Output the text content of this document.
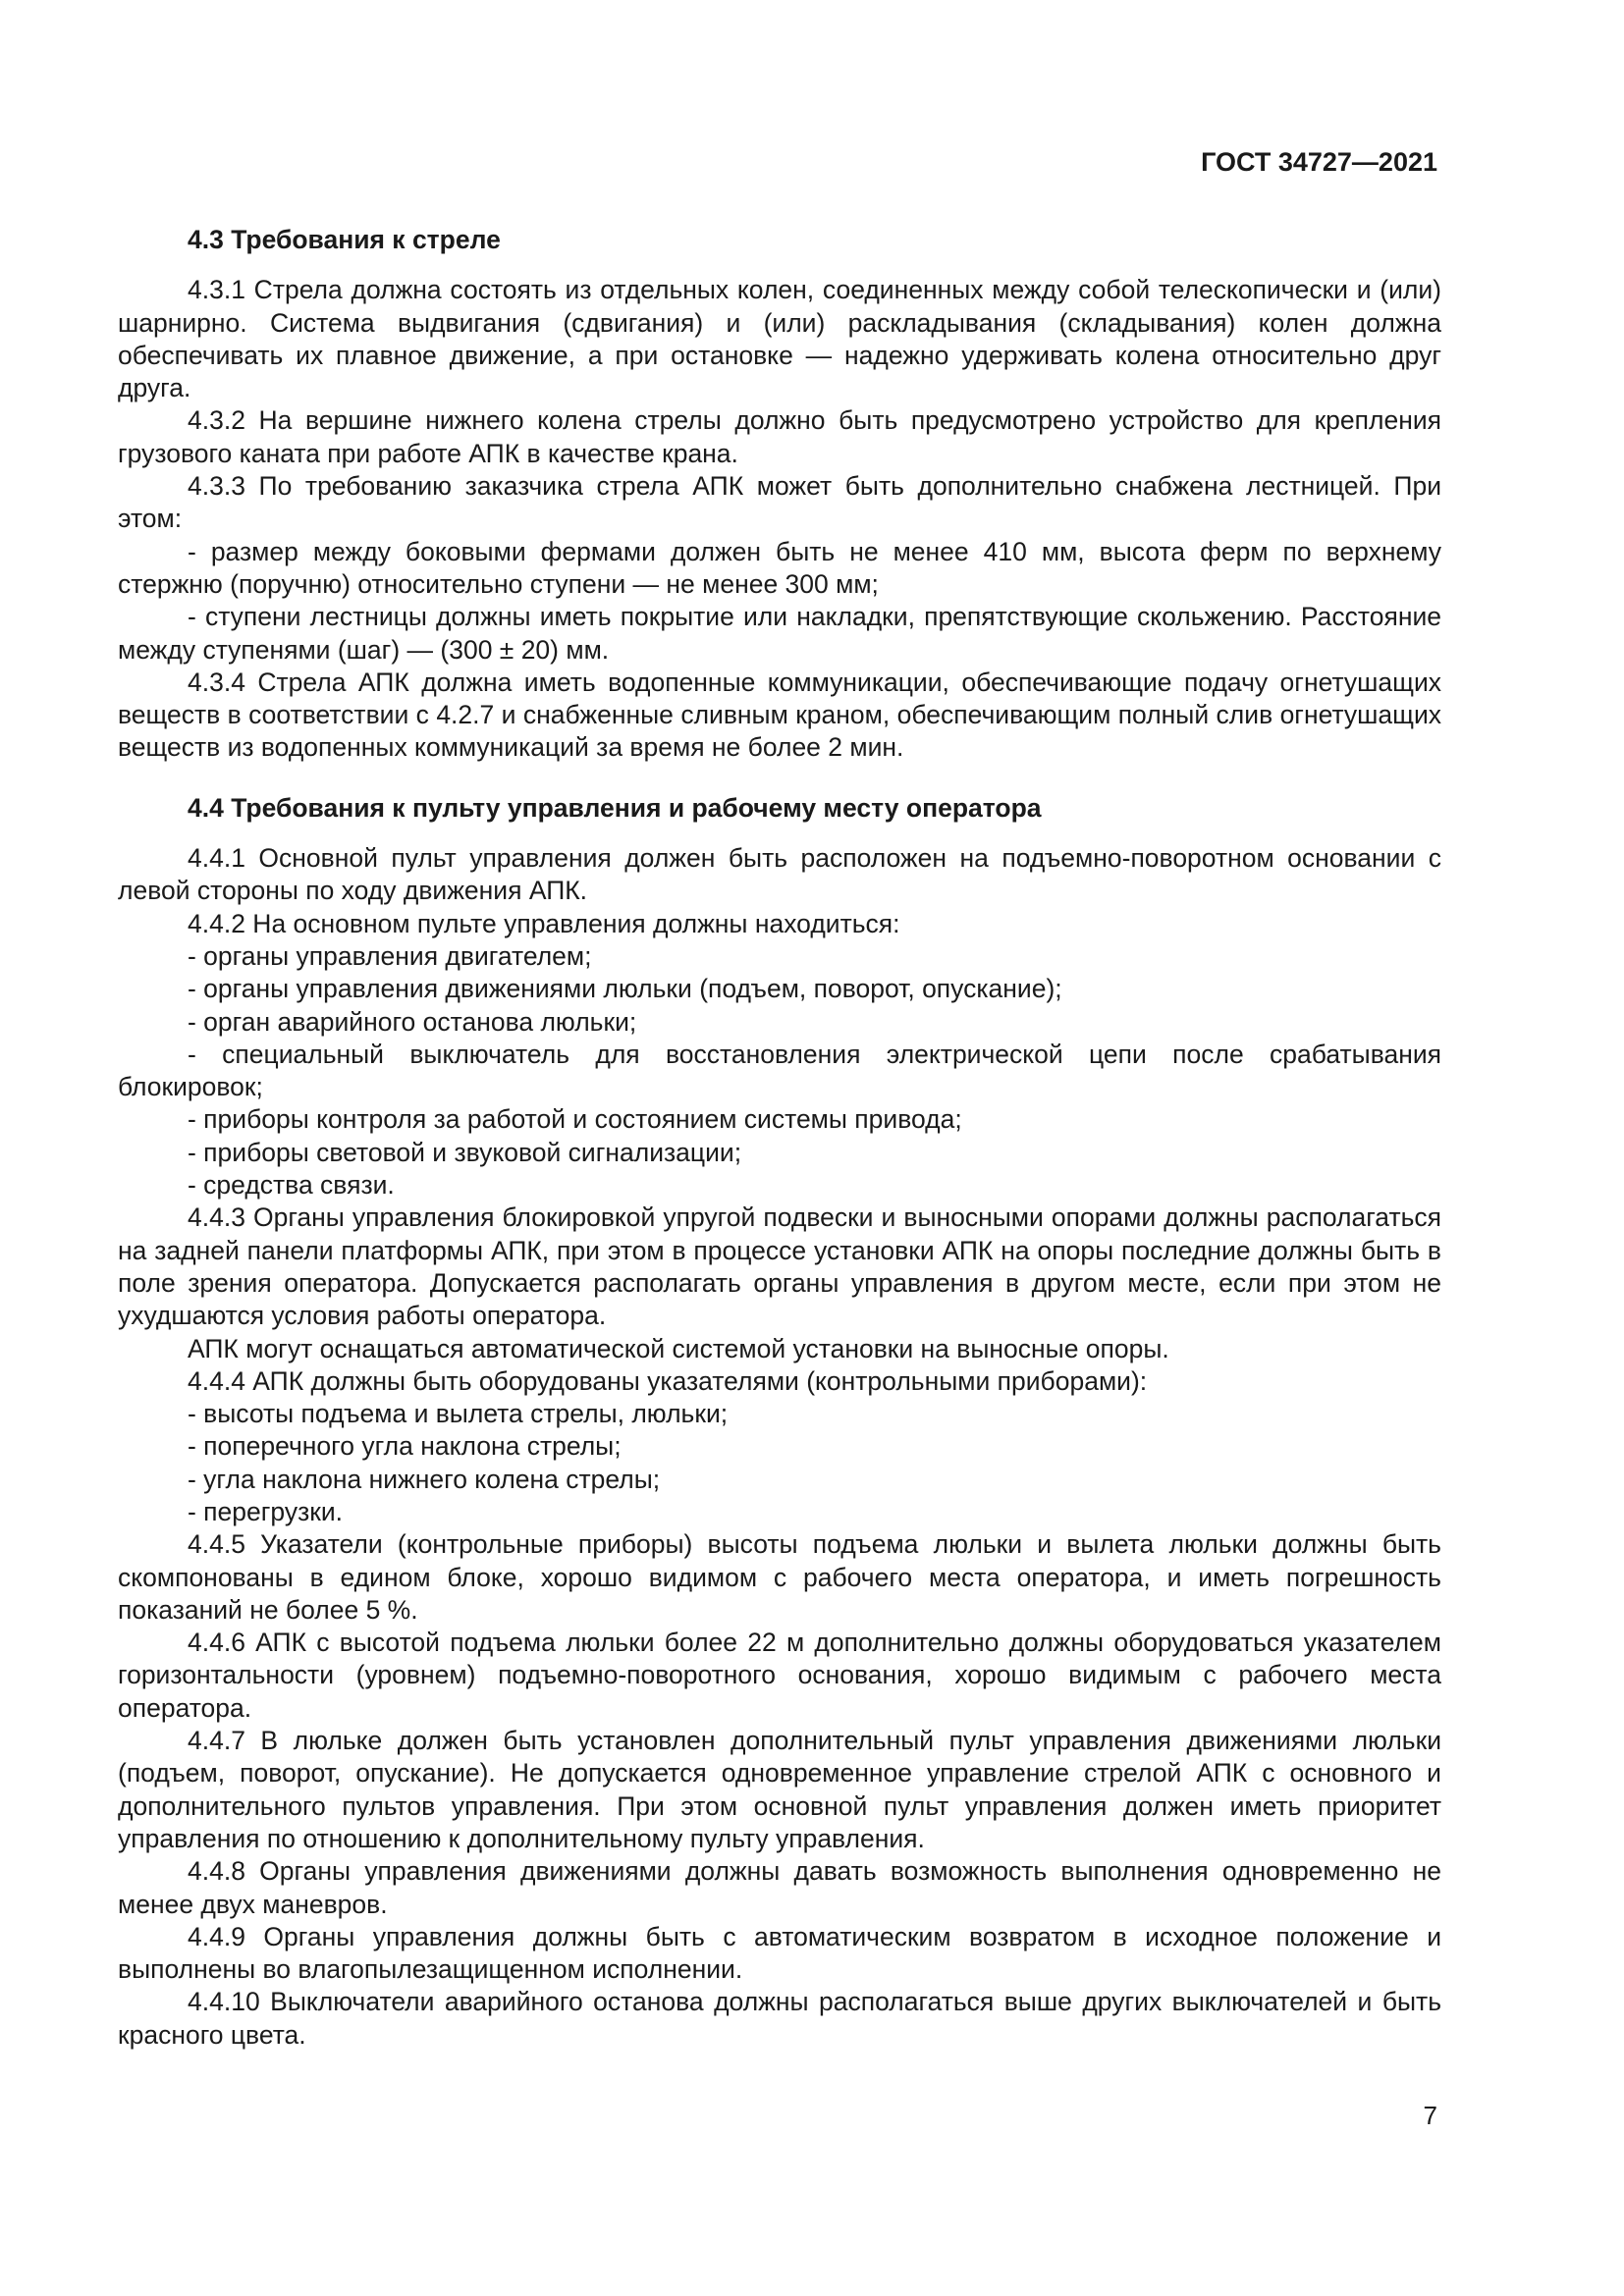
ГОСТ 34727—2021
4.3 Требования к стреле

4.3.1 Стрела должна состоять из отдельных колен, соединенных между собой телескопически и (или) шарнирно. Система выдвигания (сдвигания) и (или) раскладывания (складывания) колен должна обеспечивать их плавное движение, а при остановке — надежно удерживать колена относительно друг друга.

4.3.2 На вершине нижнего колена стрелы должно быть предусмотрено устройство для крепления грузового каната при работе АПК в качестве крана.

4.3.3 По требованию заказчика стрела АПК может быть дополнительно снабжена лестницей. При этом:

- размер между боковыми фермами должен быть не менее 410 мм, высота ферм по верхнему стержню (поручню) относительно ступени — не менее 300 мм;

- ступени лестницы должны иметь покрытие или накладки, препятствующие скольжению. Расстояние между ступенями (шаг) — (300 ± 20) мм.

4.3.4 Стрела АПК должна иметь водопенные коммуникации, обеспечивающие подачу огнетушащих веществ в соответствии с 4.2.7 и снабженные сливным краном, обеспечивающим полный слив огнетушащих веществ из водопенных коммуникаций за время не более 2 мин.

4.4 Требования к пульту управления и рабочему месту оператора

4.4.1 Основной пульт управления должен быть расположен на подъемно-поворотном основании с левой стороны по ходу движения АПК.

4.4.2 На основном пульте управления должны находиться:

- органы управления двигателем;

- органы управления движениями люльки (подъем, поворот, опускание);

- орган аварийного останова люльки;

- специальный выключатель для восстановления электрической цепи после срабатывания блокировок;

- приборы контроля за работой и состоянием системы привода;

- приборы световой и звуковой сигнализации;

- средства связи.

4.4.3 Органы управления блокировкой упругой подвески и выносными опорами должны располагаться на задней панели платформы АПК, при этом в процессе установки АПК на опоры последние должны быть в поле зрения оператора. Допускается располагать органы управления в другом месте, если при этом не ухудшаются условия работы оператора.

АПК могут оснащаться автоматической системой установки на выносные опоры.

4.4.4 АПК должны быть оборудованы указателями (контрольными приборами):

- высоты подъема и вылета стрелы, люльки;

- поперечного угла наклона стрелы;

- угла наклона нижнего колена стрелы;

- перегрузки.

4.4.5 Указатели (контрольные приборы) высоты подъема люльки и вылета люльки должны быть скомпонованы в едином блоке, хорошо видимом с рабочего места оператора, и иметь погрешность показаний не более 5 %.

4.4.6 АПК с высотой подъема люльки более 22 м дополнительно должны оборудоваться указателем горизонтальности (уровнем) подъемно-поворотного основания, хорошо видимым с рабочего места оператора.

4.4.7 В люльке должен быть установлен дополнительный пульт управления движениями люльки (подъем, поворот, опускание). Не допускается одновременное управление стрелой АПК с основного и дополнительного пультов управления. При этом основной пульт управления должен иметь приоритет управления по отношению к дополнительному пульту управления.

4.4.8 Органы управления движениями должны давать возможность выполнения одновременно не менее двух маневров.

4.4.9 Органы управления должны быть с автоматическим возвратом в исходное положение и выполнены во влагопылезащищенном исполнении.

4.4.10 Выключатели аварийного останова должны располагаться выше других выключателей и быть красного цвета.

7
